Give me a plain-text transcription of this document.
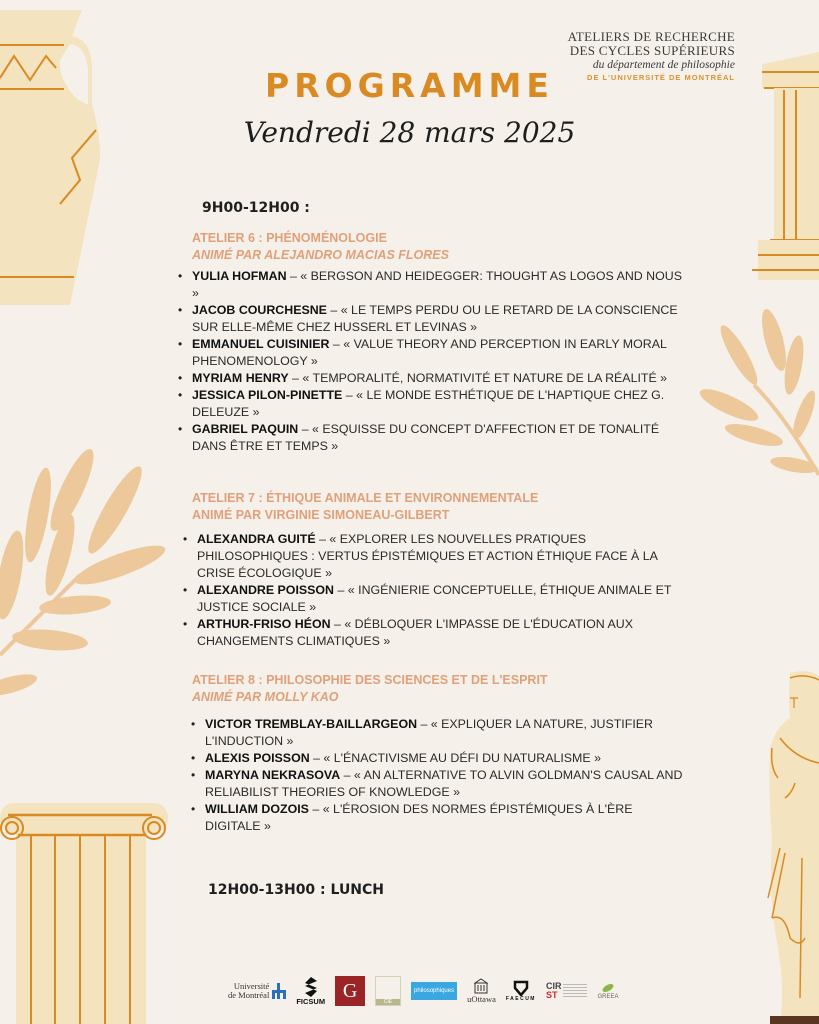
ATELIERS DE RECHERCHE
DES CYCLES SUPÉRIEURS
du département de philosophie
DE L'UNIVERSITÉ DE MONTRÉAL
PROGRAMME
Vendredi 28 mars 2025
9H00-12H00 :
ATELIER 6 : PHÉNOMÉNOLOGIE
ANIMÉ PAR ALEJANDRO MACIAS FLORES
• YULIA HOFMAN – « BERGSON AND HEIDEGGER: THOUGHT AS LOGOS AND NOUS »
• JACOB COURCHESNE – « LE TEMPS PERDU OU LE RETARD DE LA CONSCIENCE SUR ELLE-MÊME CHEZ HUSSERL ET LEVINAS »
• EMMANUEL CUISINIER – « VALUE THEORY AND PERCEPTION IN EARLY MORAL PHENOMENOLOGY »
• MYRIAM HENRY – « TEMPORALITÉ, NORMATIVITÉ ET NATURE DE LA RÉALITÉ »
• JESSICA PILON-PINETTE – « LE MONDE ESTHÉTIQUE DE L'HAPTIQUE CHEZ G. DELEUZE »
• GABRIEL PAQUIN – « ESQUISSE DU CONCEPT D'AFFECTION ET DE TONALITÉ DANS ÊTRE ET TEMPS »
ATELIER 7 : ÉTHIQUE ANIMALE ET ENVIRONNEMENTALE
ANIMÉ PAR VIRGINIE SIMONEAU-GILBERT
• ALEXANDRA GUITÉ – « EXPLORER LES NOUVELLES PRATIQUES PHILOSOPHIQUES : VERTUS ÉPISTÉMIQUES ET ACTION ÉTHIQUE FACE À LA CRISE ÉCOLOGIQUE »
• ALEXANDRE POISSON – « INGÉNIERIE CONCEPTUELLE, ÉTHIQUE ANIMALE ET JUSTICE SOCIALE »
• ARTHUR-FRISO HÉON – « DÉBLOQUER L'IMPASSE DE L'ÉDUCATION AUX CHANGEMENTS CLIMATIQUES »
ATELIER 8 : PHILOSOPHIE DES SCIENCES ET DE L'ESPRIT
ANIMÉ PAR MOLLY KAO
• VICTOR TREMBLAY-BAILLARGEON – « EXPLIQUER LA NATURE, JUSTIFIER L'INDUCTION »
• ALEXIS POISSON – « L'ÉNACTIVISME AU DÉFI DU NATURALISME »
• MARYNA NEKRASOVA – « AN ALTERNATIVE TO ALVIN GOLDMAN'S CAUSAL AND RELIABILIST THEORIES OF KNOWLEDGE »
• WILLIAM DOZOIS – « L'ÉROSION DES NORMES ÉPISTÉMIQUES À L'ÈRE DIGITALE »
12H00-13H00 : LUNCH
Université
de Montréal
FICSUM G
CIE
philosophiques
uOttawa FAECUM
CIR
ST	GREEA
